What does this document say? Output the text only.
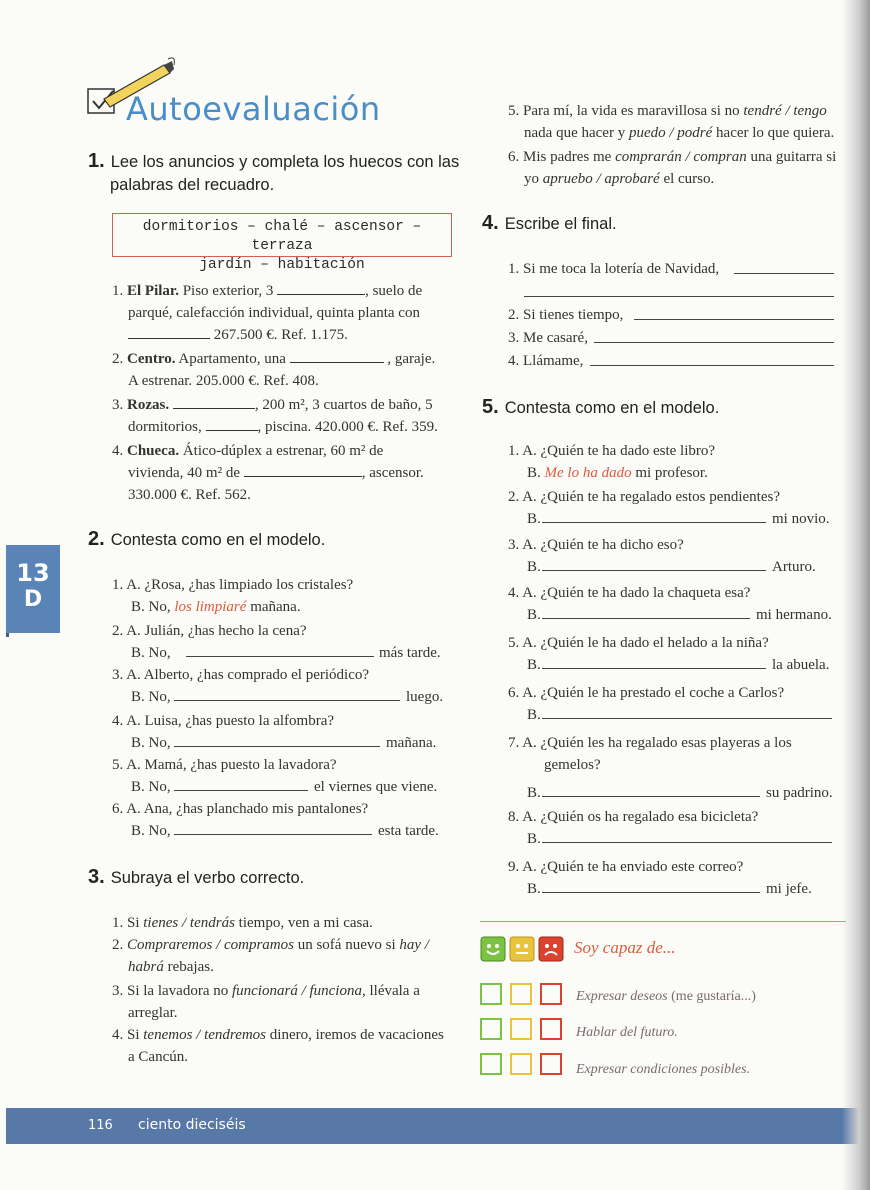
Autoevaluación
1. Lee los anuncios y completa los huecos con las
palabras del recuadro.
dormitorios – chalé – ascensor – terraza
jardín – habitación
1. El Pilar. Piso exterior, 3	, suelo de
parqué, calefacción individual, quinta planta con
267.500 €. Ref. 1.175.
2. Centro. Apartamento, una	, garaje.
A estrenar. 205.000 €. Ref. 408.
3. Rozas.	, 200 m², 3 cuartos de baño, 5
dormitorios,	, piscina. 420.000 €. Ref. 359.
4. Chueca. Ático-dúplex a estrenar, 60 m² de
vivienda, 40 m² de	, ascensor.
330.000 €. Ref. 562.
13
D
2. Contesta como en el modelo.
1. A. ¿Rosa, ¿has limpiado los cristales?
B. No, los limpiaré mañana.
2. A. Julián, ¿has hecho la cena?
B. No,	más tarde.
3. A. Alberto, ¿has comprado el periódico?
B. No,	luego.
4. A. Luisa, ¿has puesto la alfombra?
B. No,	mañana.
5. A. Mamá, ¿has puesto la lavadora?
B. No,	el viernes que viene.
6. A. Ana, ¿has planchado mis pantalones?
B. No,	esta tarde.
3. Subraya el verbo correcto.
1. Si tienes / tendrás tiempo, ven a mi casa.
2. Compraremos / compramos un sofá nuevo si hay /
habrá rebajas.
3. Si la lavadora no funcionará / funciona, llévala a
arreglar.
4. Si tenemos / tendremos dinero, iremos de vacaciones
a Cancún.
5. Para mí, la vida es maravillosa si no tendré / tengo
nada que hacer y puedo / podré hacer lo que quiera.
6. Mis padres me comprarán / compran una guitarra si
yo apruebo / aprobaré el curso.
4. Escribe el final.
1. Si me toca la lotería de Navidad,
2. Si tienes tiempo,
3. Me casaré,
4. Llámame,
5. Contesta como en el modelo.
1. A. ¿Quién te ha dado este libro?
B. Me lo ha dado mi profesor.
2. A. ¿Quién te ha regalado estos pendientes?
B.	mi novio.
3. A. ¿Quién te ha dicho eso?
B.	Arturo.
4. A. ¿Quién te ha dado la chaqueta esa?
B.	mi hermano.
5. A. ¿Quién le ha dado el helado a la niña?
B.	la abuela.
6. A. ¿Quién le ha prestado el coche a Carlos?
B.
7. A. ¿Quién les ha regalado esas playeras a los
gemelos?
B.	su padrino.
8. A. ¿Quién os ha regalado esa bicicleta?
B.
9. A. ¿Quién te ha enviado este correo?
B.	mi jefe.
Soy capaz de...
Expresar deseos (me gustaría...)
Hablar del futuro.
Expresar condiciones posibles.
116 ciento dieciséis
